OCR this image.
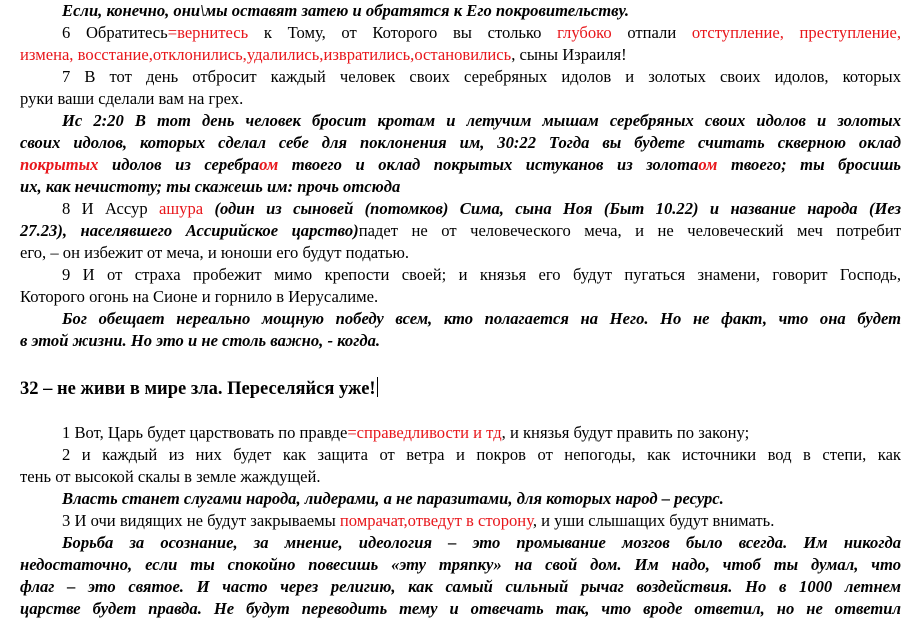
Если, конечно, они\мы оставят затею и обратятся к Его покровительству.
6 Обратитесь=вернитесь к Тому, от Которого вы столько глубоко отпали отступление, преступление,
измена, восстание,отклонились,удалились,извратились,остановились, сыны Израиля!
7 В тот день отбросит каждый человек своих серебряных идолов и золотых своих идолов, которых
руки ваши сделали вам на грех.
Ис 2:20 В тот день человек бросит кротам и летучим мышам серебряных своих идолов и золотых
своих идолов, которых сделал себе для поклонения им, 30:22 Тогда вы будете считать скверною оклад
покрытых идолов из серебраом твоего и оклад покрытых истуканов из золотаом твоего; ты бросишь
их, как нечистоту; ты скажешь им: прочь отсюда
8 И Ассур ашура (один из сыновей (потомков) Сима, сына Ноя (Быт 10.22) и название народа (Иез
27.23), населявшего Ассирийское царство)падет не от человеческого меча, и не человеческий меч потребит
его, – он избежит от меча, и юноши его будут податью.
9 И от страха пробежит мимо крепости своей; и князья его будут пугаться знамени, говорит Господь,
Которого огонь на Сионе и горнило в Иерусалиме.
Бог обещает нереально мощную победу всем, кто полагается на Него. Но не факт, что она будет
в этой жизни. Но это и не столь важно, - когда.
32 – не живи в мире зла. Переселяйся уже!
1 Вот, Царь будет царствовать по правде=справедливости и тд, и князья будут править по закону;
2 и каждый из них будет как защита от ветра и покров от непогоды, как источники вод в степи, как
тень от высокой скалы в земле жаждущей.
Власть станет слугами народа, лидерами, а не паразитами, для которых народ – ресурс.
3 И очи видящих не будут закрываемы помрачат,отведут в сторону, и уши слышащих будут внимать.
Борьба за осознание, за мнение, идеология – это промывание мозгов было всегда. Им никогда
недостаточно, если ты спокойно повесишь «эту тряпку» на свой дом. Им надо, чтоб ты думал, что
флаг – это святое. И часто через религию, как самый сильный рычаг воздействия. Но в 1000 летнем
царстве будет правда. Не будут переводить тему и отвечать так, что вроде ответил, но не ответил
